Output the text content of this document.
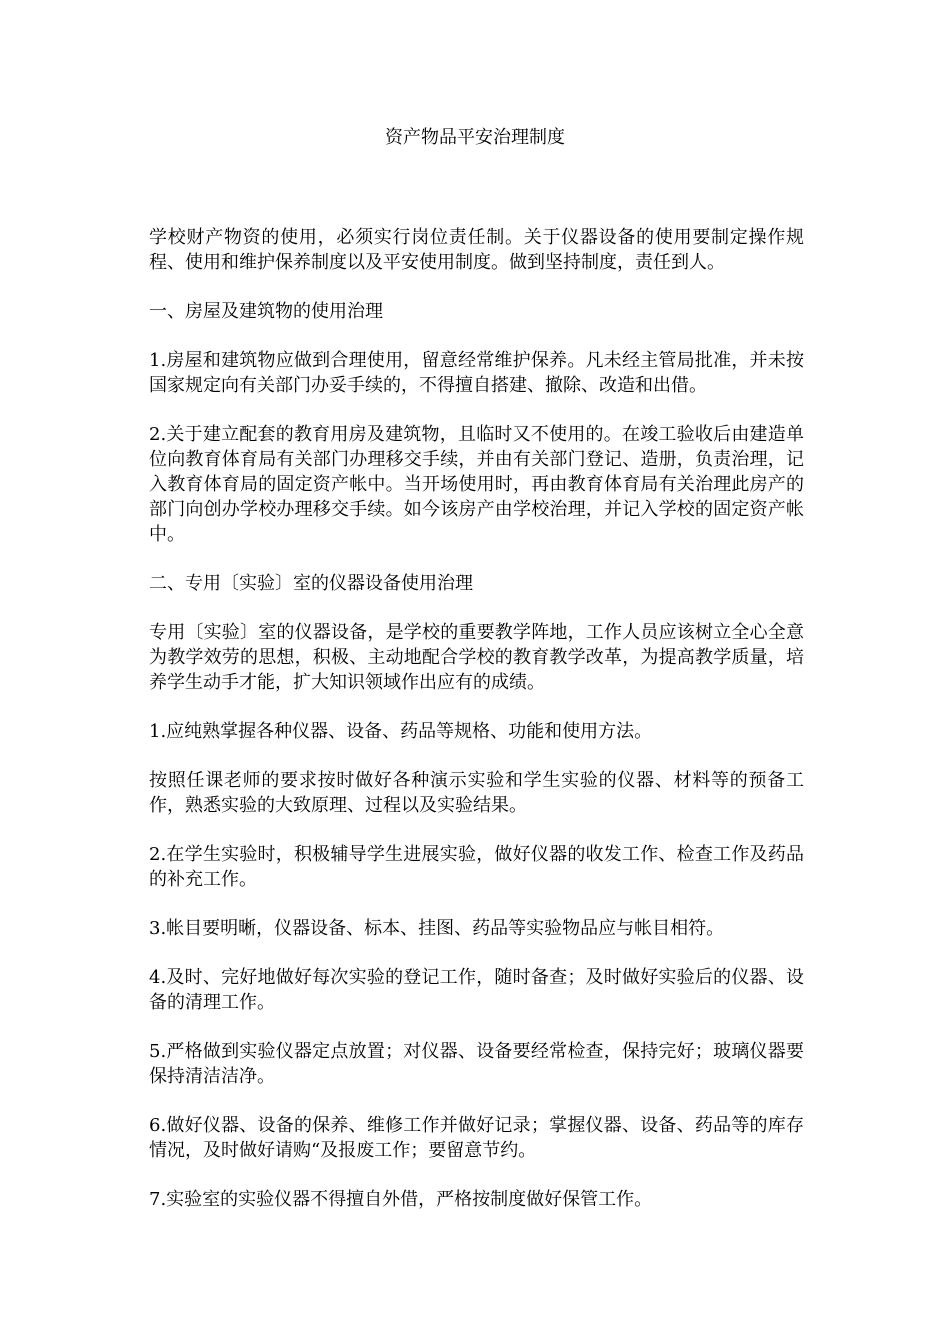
资产物品平安治理制度

学校财产物资的使用，必须实行岗位责任制。关于仪器设备的使用要制定操作规程、使用和维护保养制度以及平安使用制度。做到坚持制度，责任到人。

一、房屋及建筑物的使用治理

1.房屋和建筑物应做到合理使用，留意经常维护保养。凡未经主管局批准，并未按国家规定向有关部门办妥手续的，不得擅自搭建、撤除、改造和出借。

2.关于建立配套的教育用房及建筑物，且临时又不使用的。在竣工验收后由建造单位向教育体育局有关部门办理移交手续，并由有关部门登记、造册，负责治理，记入教育体育局的固定资产帐中。当开场使用时，再由教育体育局有关治理此房产的部门向创办学校办理移交手续。如今该房产由学校治理，并记入学校的固定资产帐中。

二、专用〔实验〕室的仪器设备使用治理

专用〔实验〕室的仪器设备，是学校的重要教学阵地，工作人员应该树立全心全意为教学效劳的思想，积极、主动地配合学校的教育教学改革，为提高教学质量，培养学生动手才能，扩大知识领域作出应有的成绩。

1.应纯熟掌握各种仪器、设备、药品等规格、功能和使用方法。

按照任课老师的要求按时做好各种演示实验和学生实验的仪器、材料等的预备工作，熟悉实验的大致原理、过程以及实验结果。

2.在学生实验时，积极辅导学生进展实验，做好仪器的收发工作、检查工作及药品的补充工作。

3.帐目要明晰，仪器设备、标本、挂图、药品等实验物品应与帐目相符。

4.及时、完好地做好每次实验的登记工作，随时备查；及时做好实验后的仪器、设备的清理工作。

5.严格做到实验仪器定点放置；对仪器、设备要经常检查，保持完好；玻璃仪器要保持清洁洁净。

6.做好仪器、设备的保养、维修工作并做好记录；掌握仪器、设备、药品等的库存情况，及时做好请购“及报废工作；要留意节约。

7.实验室的实验仪器不得擅自外借，严格按制度做好保管工作。
